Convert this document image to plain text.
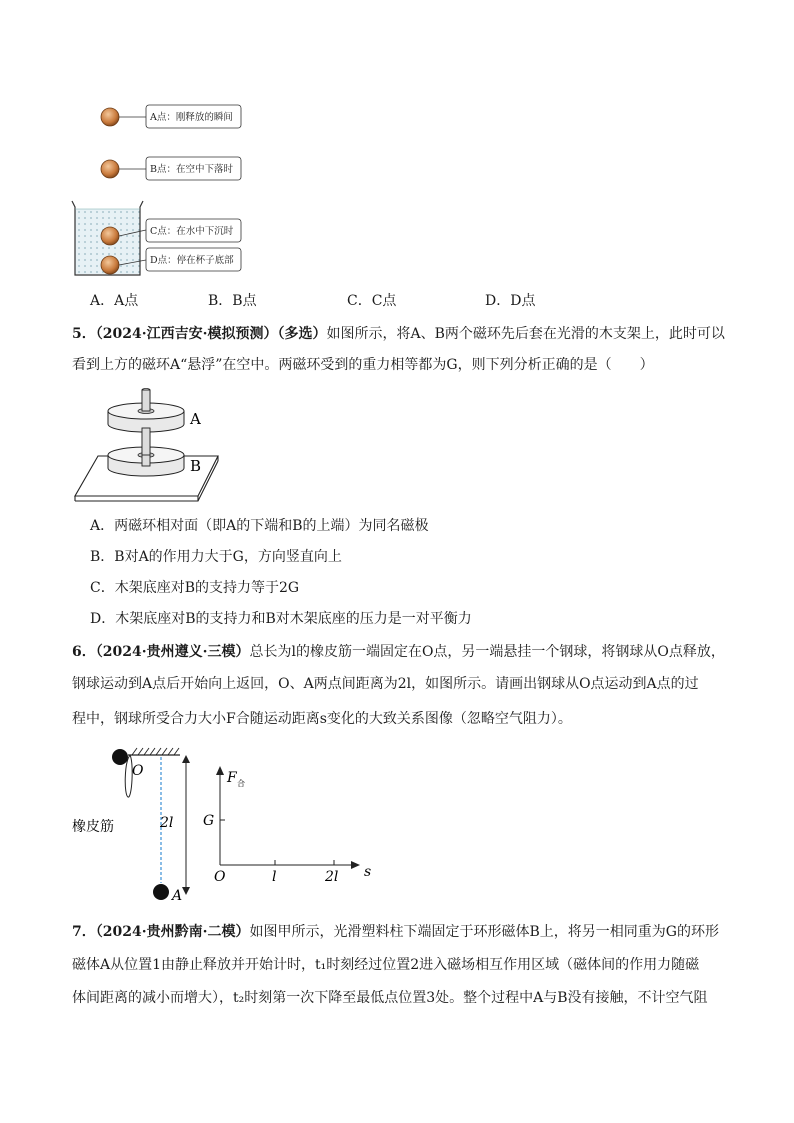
A点：刚释放的瞬间
B点：在空中下落时
C点：在水中下沉时
D点：停在杯子底部
A．A点	B．B点	C．C点	D．D点
5．（2024·江西吉安·模拟预测）（多选）如图所示，将A、B两个磁环先后套在光滑的木支架上，此时可以
看到上方的磁环A“悬浮”在空中。两磁环受到的重力相等都为G，则下列分析正确的是（　　）
A
B
A．两磁环相对面（即A的下端和B的上端）为同名磁极
B．B对A的作用力大于G，方向竖直向上
C．木架底座对B的支持力等于2G
D．木架底座对B的支持力和B对木架底座的压力是一对平衡力
6．（2024·贵州遵义·三模）总长为l的橡皮筋一端固定在O点，另一端悬挂一个钢球，将钢球从O点释放，
钢球运动到A点后开始向上返回，O、A两点间距离为2l，如图所示。请画出钢球从O点运动到A点的过
程中，钢球所受合力大小F合随运动距离s变化的大致关系图像（忽略空气阻力）。
O
A
橡皮筋	2l
F 合
s
O
G
l	2l
7．（2024·贵州黔南·二模）如图甲所示，光滑塑料柱下端固定于环形磁体B上，将另一相同重为G的环形
磁体A从位置1由静止释放并开始计时，t₁时刻经过位置2进入磁场相互作用区域（磁体间的作用力随磁
体间距离的减小而增大），t₂时刻第一次下降至最低点位置3处。整个过程中A与B没有接触，不计空气阻
